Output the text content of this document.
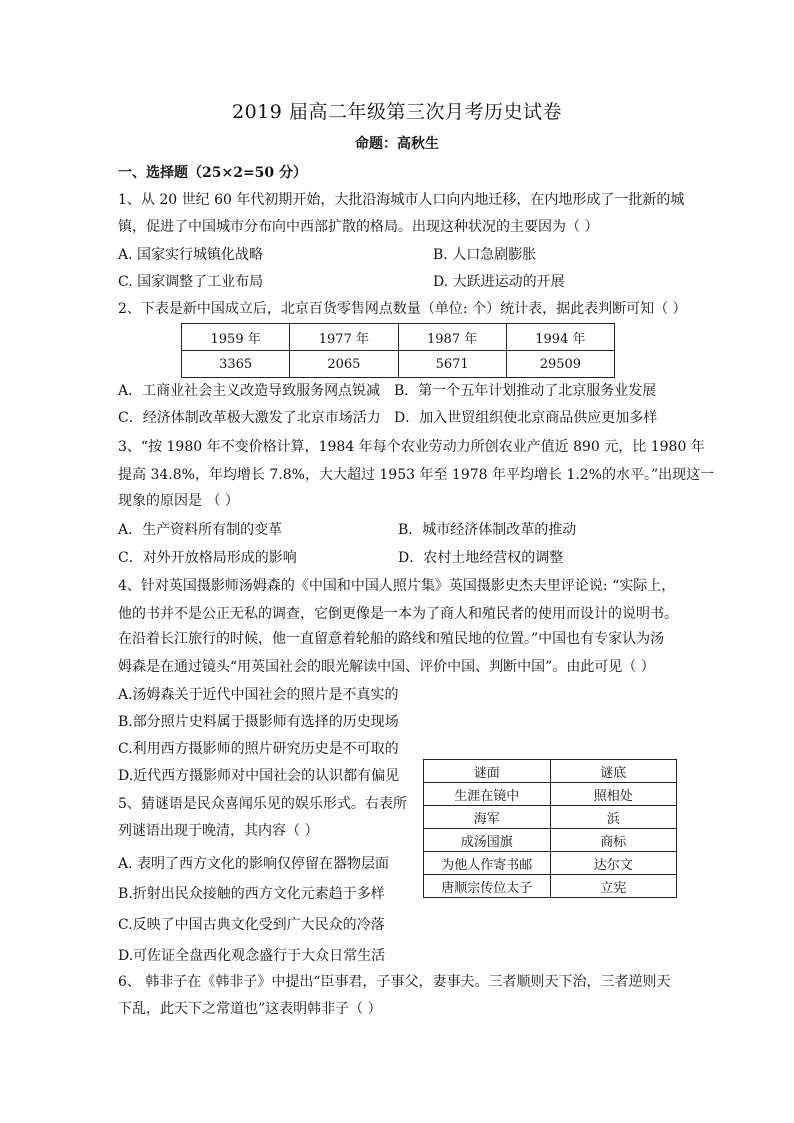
2019 届高二年级第三次月考历史试卷
命题：高秋生
一、选择题（25×2=50 分）
1、从 20 世纪 60 年代初期开始，大批沿海城市人口向内地迁移，在内地形成了一批新的城
镇，促进了中国城市分布向中西部扩散的格局。出现这种状况的主要因为（ ）
A. 国家实行城镇化战略	B. 人口急剧膨胀
C. 国家调整了工业布局	D. 大跃进运动的开展
2、下表是新中国成立后，北京百货零售网点数量（单位: 个）统计表，据此表判断可知（ ）
1959 年	1977 年	1987 年	1994 年
3365	2065	5671	29509
A．工商业社会主义改造导致服务网点锐减 B．第一个五年计划推动了北京服务业发展
C．经济体制改革极大激发了北京市场活力 D．加入世贸组织使北京商品供应更加多样
3、“按 1980 年不变价格计算，1984 年每个农业劳动力所创农业产值近 890 元，比 1980 年
提高 34.8%，年均增长 7.8%，大大超过 1953 年至 1978 年平均增长 1.2%的水平。”出现这一
现象的原因是 （ ）
A．生产资料所有制的变革	B．城市经济体制改革的推动
C．对外开放格局形成的影响	D．农村土地经营权的调整
4、针对英国摄影师汤姆森的《中国和中国人照片集》英国摄影史杰夫里评论说: “实际上，
他的书并不是公正无私的调查，它倒更像是一本为了商人和殖民者的使用而设计的说明书。
在沿着长江旅行的时候，他一直留意着轮船的路线和殖民地的位置。”中国也有专家认为汤
姆森是在通过镜头“用英国社会的眼光解读中国、评价中国、判断中国”。由此可见（ ）
A.汤姆森关于近代中国社会的照片是不真实的
B.部分照片史料属于摄影师有选择的历史现场
C.利用西方摄影师的照片研究历史是不可取的
D.近代西方摄影师对中国社会的认识都有偏见
5、猜谜语是民众喜闻乐见的娱乐形式。右表所
列谜语出现于晚清，其内容（ ）
谜面	谜底
生涯在镜中	照相处
海军	浜
成汤国旗	商标
为他人作寄书邮	达尔文
唐顺宗传位太子	立宪
A. 表明了西方文化的影响仅停留在器物层面
B.折射出民众接触的西方文化元素趋于多样
C.反映了中国古典文化受到广大民众的冷落
D.可佐证全盘西化观念盛行于大众日常生活
6、 韩非子在《韩非子》中提出“臣事君，子事父，妻事夫。三者顺则天下治，三者逆则天
下乱，此天下之常道也”这表明韩非子（ ）
